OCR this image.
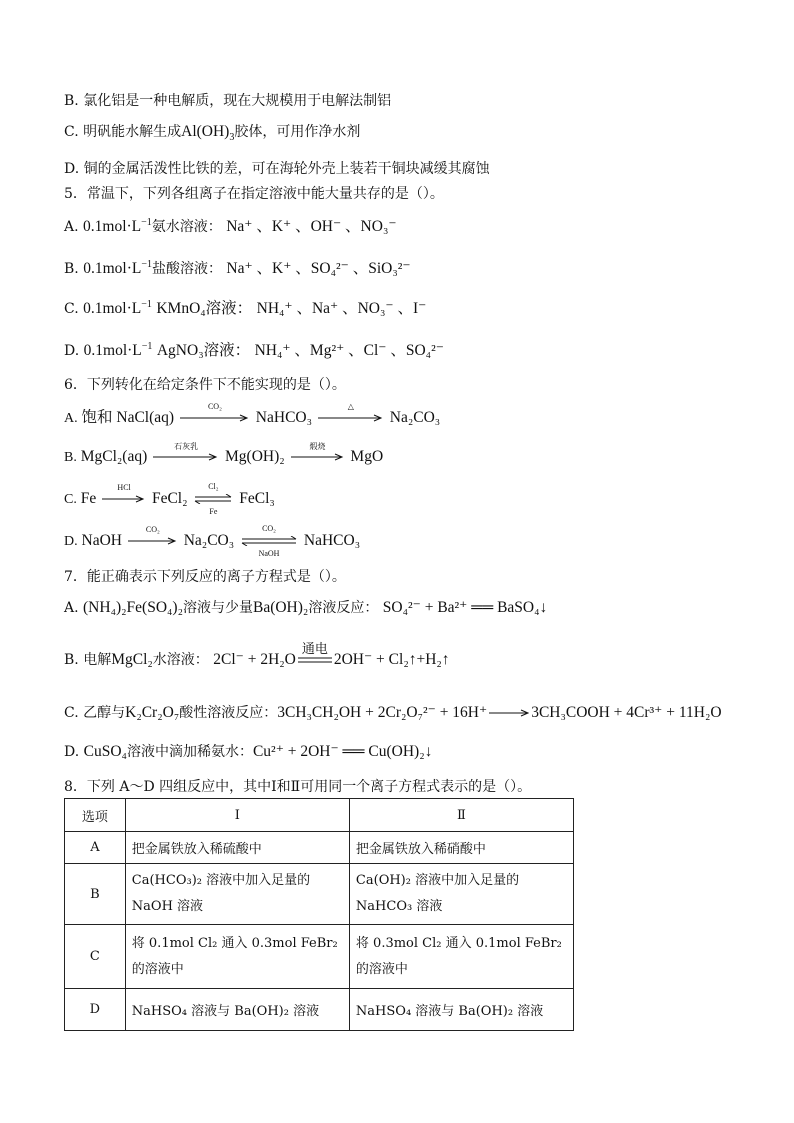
B. 氯化铝是一种电解质，现在大规模用于电解法制铝
C. 明矾能水解生成$Al(OH)_3$胶体，可用作净水剂
D. 铜的金属活泼性比铁的差，可在海轮外壳上装若干铜块减缓其腐蚀
5．常温下，下列各组离子在指定溶液中能大量共存的是（）。
A. $0.1mol\cdot L^{-1}$氨水溶液： Na⁺ 、K⁺ 、OH⁻ 、NO₃⁻
B. $0.1mol\cdot L^{-1}$盐酸溶液： Na⁺ 、K⁺ 、SO₄²⁻ 、SiO₃²⁻
C. $0.1mol\cdot L^{-1}$ KMnO₄溶液： NH₄⁺ 、Na⁺ 、NO₃⁻ 、I⁻
D. $0.1mol\cdot L^{-1}$ AgNO₃溶液： NH₄⁺ 、Mg²⁺ 、Cl⁻ 、SO₄²⁻
6．下列转化在给定条件下不能实现的是（）。
A. 饱和 NaCl(aq)
CO₂
NaHCO₃
△
Na₂CO₃
B. MgCl₂(aq)
石灰乳
Mg(OH)₂
煅烧
MgO
C. Fe
HCl
FeCl₂
Cl₂
Fe
FeCl₃
D. NaOH
CO₂
Na₂CO₃
CO₂
NaOH
NaHCO₃
7．能正确表示下列反应的离子方程式是（）。
A. (NH₄)₂Fe(SO₄)₂溶液与少量Ba(OH)₂溶液反应： SO₄²⁻ + Ba²⁺ ══ BaSO₄↓
B. 电解MgCl₂水溶液： 2Cl⁻ + 2H₂O
通电
2OH⁻ + Cl₂↑+H₂↑
C. 乙醇与K₂Cr₂O₇酸性溶液反应：3CH₃CH₂OH + 2Cr₂O₇²⁻ + 16H⁺	3CH₃COOH + 4Cr³⁺ + 11H₂O
D. CuSO₄溶液中滴加稀氨水：Cu²⁺ + 2OH⁻ ══ Cu(OH)₂↓
8．下列 A～D 四组反应中，其中Ⅰ和Ⅱ可用同一个离子方程式表示的是（）。
选项	Ⅰ	Ⅱ
A	把金属铁放入稀硫酸中	把金属铁放入稀硝酸中
B	Ca(HCO₃)₂ 溶液中加入足量的 NaOH 溶液	Ca(OH)₂ 溶液中加入足量的 NaHCO₃ 溶液
C	将 0.1mol Cl₂ 通入 0.3mol FeBr₂ 的溶液中	将 0.3mol Cl₂ 通入 0.1mol FeBr₂ 的溶液中
D	NaHSO₄ 溶液与 Ba(OH)₂ 溶液	NaHSO₄ 溶液与 Ba(OH)₂ 溶液
